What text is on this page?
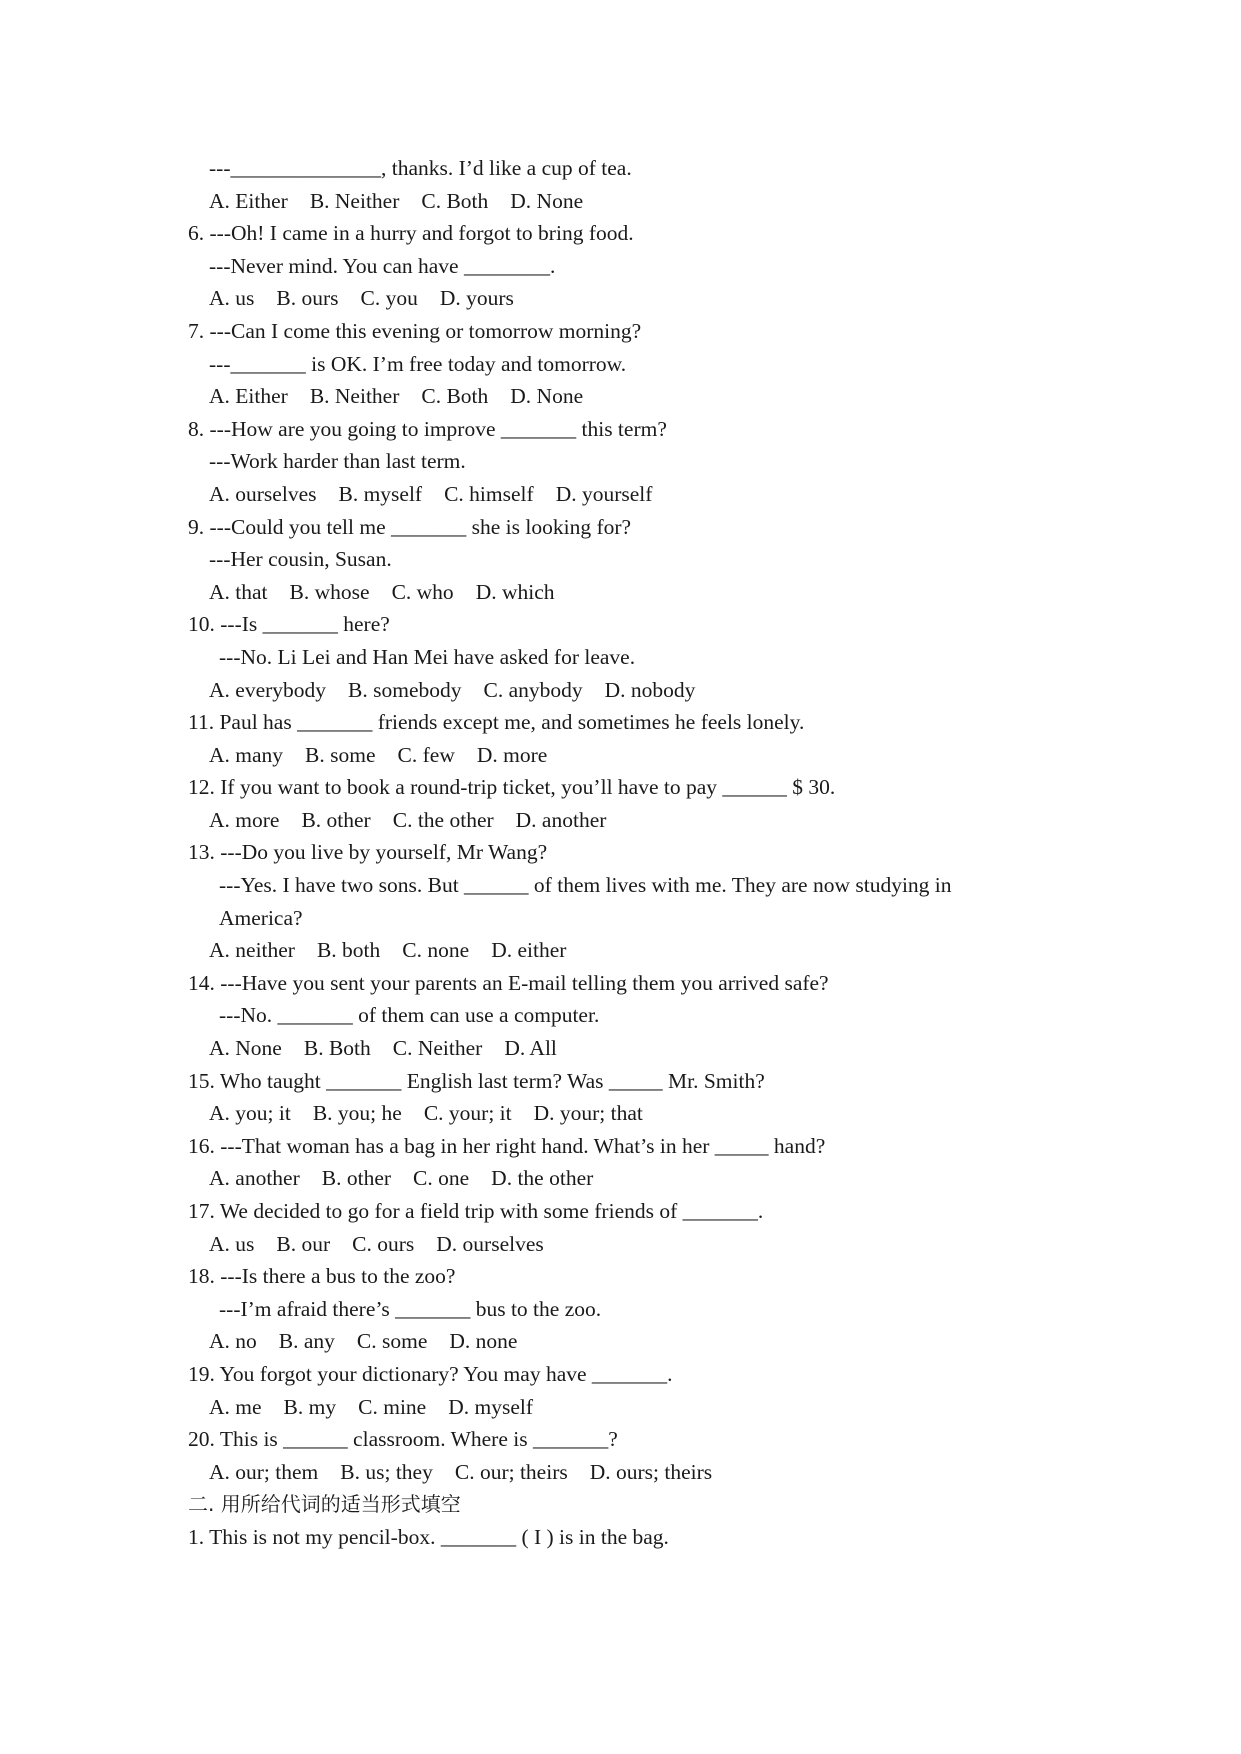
---______________, thanks. I’d like a cup of tea.
A. Either B. Neither C. Both D. None
6. ---Oh! I came in a hurry and forgot to bring food.
---Never mind. You can have ________.
A. us B. ours C. you D. yours
7. ---Can I come this evening or tomorrow morning?
---_______ is OK. I’m free today and tomorrow.
A. Either B. Neither C. Both D. None
8. ---How are you going to improve _______ this term?
---Work harder than last term.
A. ourselves B. myself C. himself D. yourself
9. ---Could you tell me _______ she is looking for?
---Her cousin, Susan.
A. that B. whose C. who D. which
10. ---Is _______ here?
---No. Li Lei and Han Mei have asked for leave.
A. everybody B. somebody C. anybody D. nobody
11. Paul has _______ friends except me, and sometimes he feels lonely.
A. many B. some C. few D. more
12. If you want to book a round-trip ticket, you’ll have to pay ______ $ 30.
A. more B. other C. the other D. another
13. ---Do you live by yourself, Mr Wang?
---Yes. I have two sons. But ______ of them lives with me. They are now studying in
America?
A. neither B. both C. none D. either
14. ---Have you sent your parents an E-mail telling them you arrived safe?
---No. _______ of them can use a computer.
A. None B. Both C. Neither D. All
15. Who taught _______ English last term? Was _____ Mr. Smith?
A. you; it B. you; he C. your; it D. your; that
16. ---That woman has a bag in her right hand. What’s in her _____ hand?
A. another B. other C. one D. the other
17. We decided to go for a field trip with some friends of _______.
A. us B. our C. ours D. ourselves
18. ---Is there a bus to the zoo?
---I’m afraid there’s _______ bus to the zoo.
A. no B. any C. some D. none
19. You forgot your dictionary? You may have _______.
A. me B. my C. mine D. myself
20. This is ______ classroom. Where is _______?
A. our; them B. us; they C. our; theirs D. ours; theirs
二. 用所给代词的适当形式填空
1. This is not my pencil-box. _______ ( I ) is in the bag.
